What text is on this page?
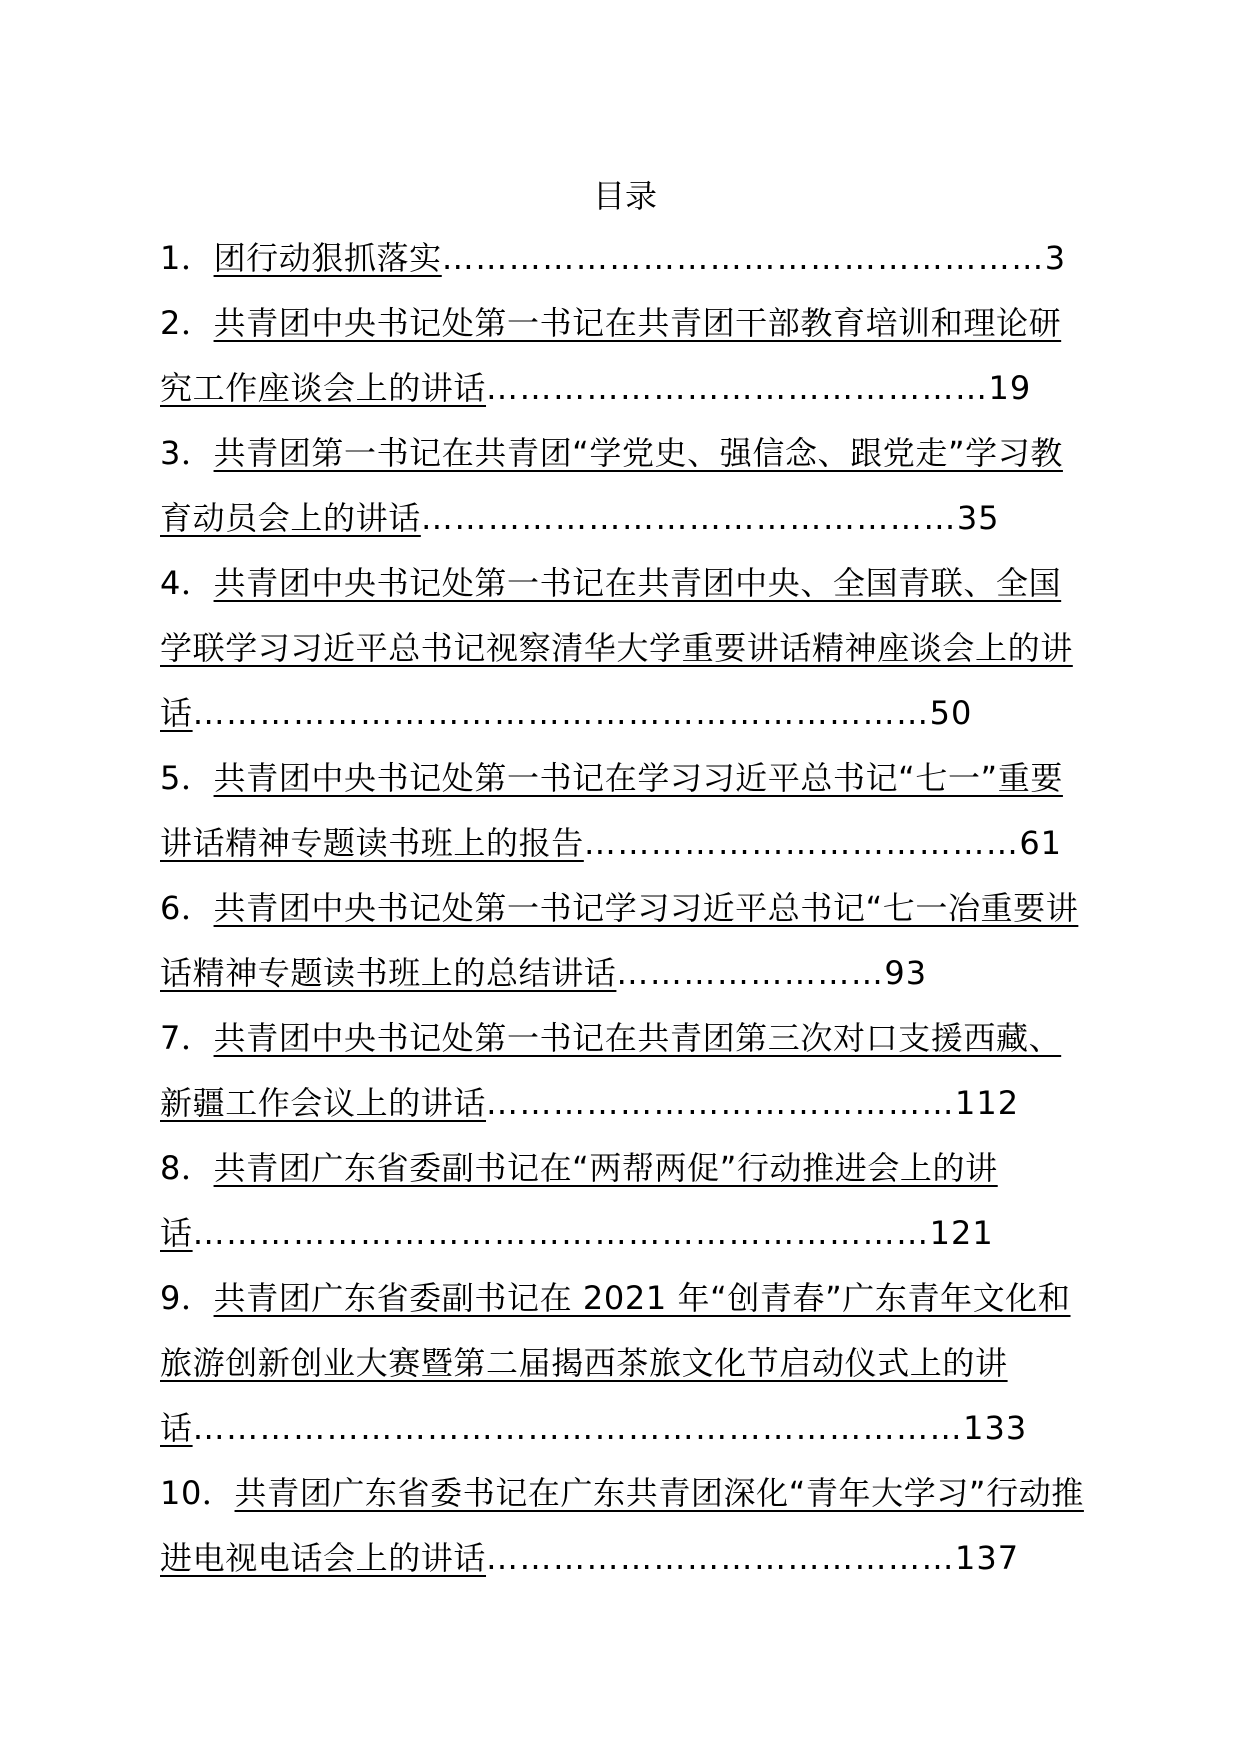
目录
1．团行动狠抓落实………………………………………………3
2．共青团中央书记处第一书记在共青团干部教育培训和理论研究工作座谈会上的讲话………………………………………19
3．共青团第一书记在共青团“学党史、强信念、跟党走”学习教育动员会上的讲话…………………………………………35
4．共青团中央书记处第一书记在共青团中央、全国青联、全国学联学习习近平总书记视察清华大学重要讲话精神座谈会上的讲话…………………………………………………………50
5．共青团中央书记处第一书记在学习习近平总书记“七一”重要讲话精神专题读书班上的报告…………………………………61
6．共青团中央书记处第一书记学习习近平总书记“七一冶重要讲话精神专题读书班上的总结讲话……………………93
7．共青团中央书记处第一书记在共青团第三次对口支援西藏、新疆工作会议上的讲话……………………………………112
8．共青团广东省委副书记在“两帮两促”行动推进会上的讲话…………………………………………………………121
9．共青团广东省委副书记在 2021 年“创青春”广东青年文化和旅游创新创业大赛暨第二届揭西茶旅文化节启动仪式上的讲话……………………………………………………………133
10．共青团广东省委书记在广东共青团深化“青年大学习”行动推进电视电话会上的讲话……………………………………137
